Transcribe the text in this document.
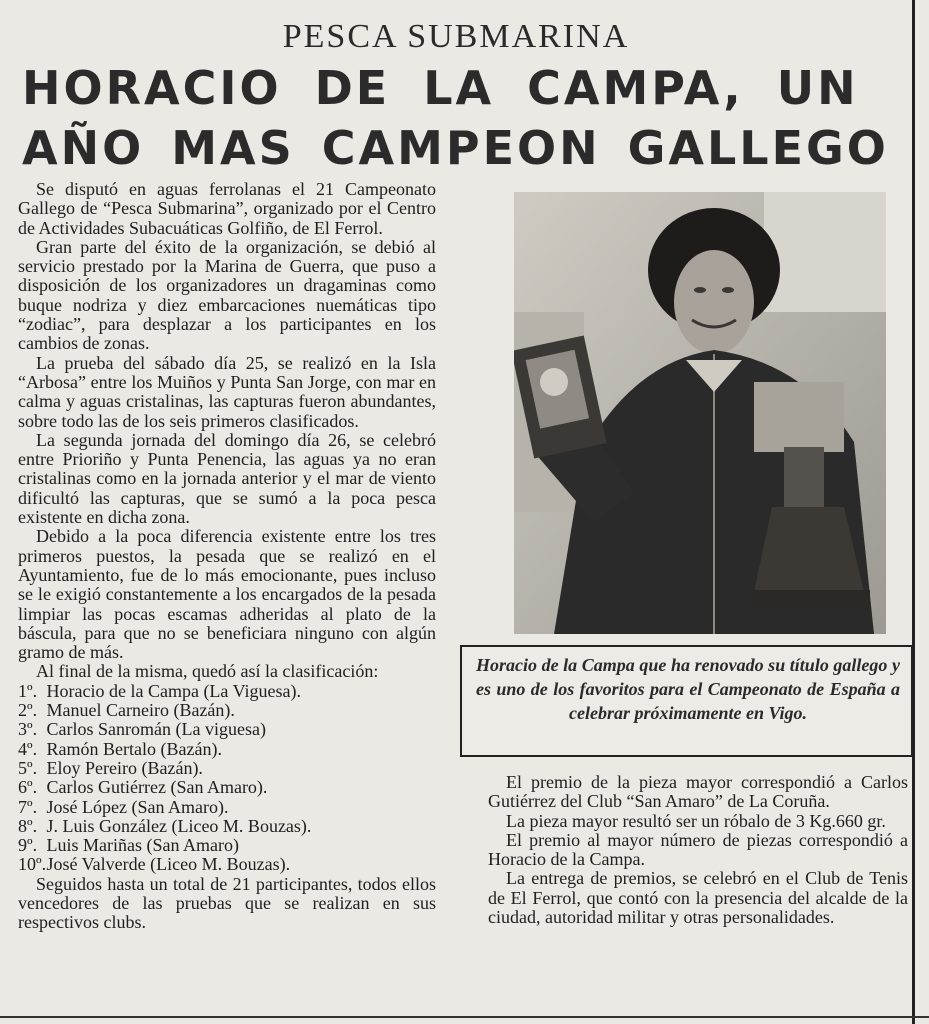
PESCA SUBMARINA
HORACIO DE LA CAMPA, UN
AÑO MAS CAMPEON GALLEGO

Se disputó en aguas ferrolanas el 21 Campeonato Gallego de “Pesca Submarina”, organizado por el Centro de Actividades Subacuáticas Golfiño, de El Ferrol.

Gran parte del éxito de la organización, se debió al servicio prestado por la Marina de Guerra, que puso a disposición de los organizadores un dragaminas como buque nodriza y diez embarcaciones nuemáticas tipo “zodiac”, para desplazar a los participantes en los cambios de zonas.

La prueba del sábado día 25, se realizó en la Isla “Arbosa” entre los Muiños y Punta San Jorge, con mar en calma y aguas cristalinas, las capturas fueron abundantes, sobre todo las de los seis primeros clasificados.

La segunda jornada del domingo día 26, se celebró entre Prioriño y Punta Penencia, las aguas ya no eran cristalinas como en la jornada anterior y el mar de viento dificultó las capturas, que se sumó a la poca pesca existente en dicha zona.

Debido a la poca diferencia existente entre los tres primeros puestos, la pesada que se realizó en el Ayuntamiento, fue de lo más emocionante, pues incluso se le exigió constantemente a los encargados de la pesada limpiar las pocas escamas adheridas al plato de la báscula, para que no se beneficiara ninguno con algún gramo de más.

Al final de la misma, quedó así la clasificación:

1º. Horacio de la Campa (La Viguesa).
2º. Manuel Carneiro (Bazán).
3º. Carlos Sanromán (La viguesa)
4º. Ramón Bertalo (Bazán).
5º. Eloy Pereiro (Bazán).
6º. Carlos Gutiérrez (San Amaro).
7º. José López (San Amaro).
8º. J. Luis González (Liceo M. Bouzas).
9º. Luis Mariñas (San Amaro)
10º. José Valverde (Liceo M. Bouzas).

Seguidos hasta un total de 21 participantes, todos ellos vencedores de las pruebas que se realizan en sus respectivos clubs.

Horacio de la Campa que ha renovado su título gallego y es uno de los favoritos para el Campeonato de España a celebrar próximamente en Vigo.

El premio de la pieza mayor correspondió a Carlos Gutiérrez del Club “San Amaro” de La Coruña.

La pieza mayor resultó ser un róbalo de 3 Kg.660 gr.

El premio al mayor número de piezas correspondió a Horacio de la Campa.

La entrega de premios, se celebró en el Club de Tenis de El Ferrol, que contó con la presencia del alcalde de la ciudad, autoridad militar y otras personalidades.
